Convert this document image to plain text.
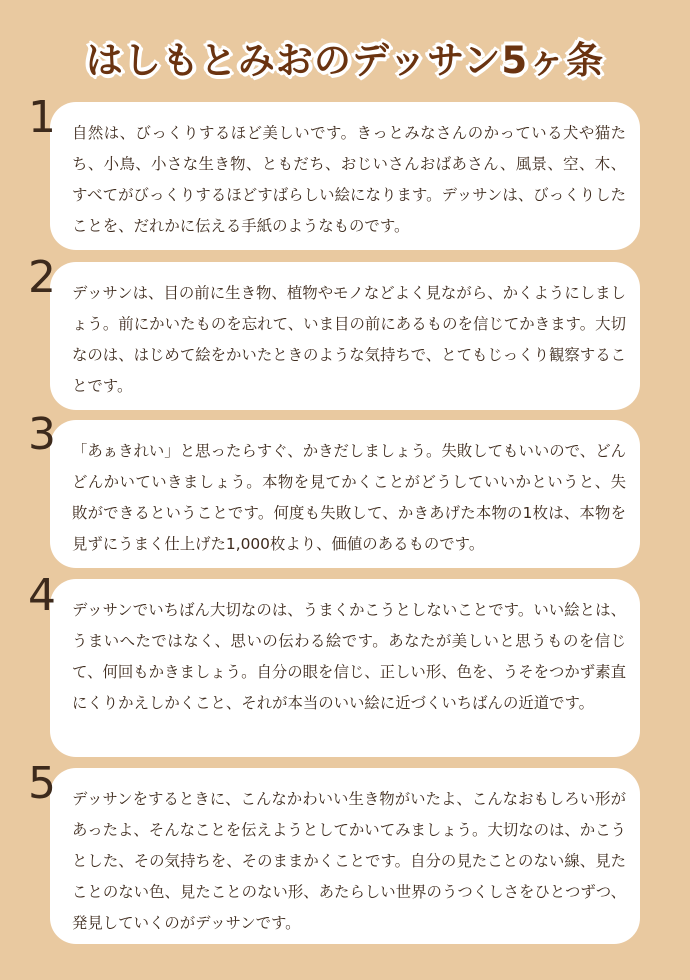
はしもとみおのデッサン5ヶ条
1 自然は、びっくりするほど美しいです。きっとみなさんのかっている犬や猫たち、小鳥、小さな生き物、ともだち、おじいさんおばあさん、風景、空、木、すべてがびっくりするほどすばらしい絵になります。デッサンは、びっくりしたことを、だれかに伝える手紙のようなものです。

2 デッサンは、目の前に生き物、植物やモノなどよく見ながら、かくようにしましょう。前にかいたものを忘れて、いま目の前にあるものを信じてかきます。大切なのは、はじめて絵をかいたときのような気持ちで、とてもじっくり観察することです。

3 「あぁきれい」と思ったらすぐ、かきだしましょう。失敗してもいいので、どんどんかいていきましょう。本物を見てかくことがどうしていいかというと、失敗ができるということです。何度も失敗して、かきあげた本物の1枚は、本物を見ずにうまく仕上げた1,000枚より、価値のあるものです。

4 デッサンでいちばん大切なのは、うまくかこうとしないことです。いい絵とは、うまいへたではなく、思いの伝わる絵です。あなたが美しいと思うものを信じて、何回もかきましょう。自分の眼を信じ、正しい形、色を、うそをつかず素直にくりかえしかくこと、それが本当のいい絵に近づくいちばんの近道です。

5 デッサンをするときに、こんなかわいい生き物がいたよ、こんなおもしろい形があったよ、そんなことを伝えようとしてかいてみましょう。大切なのは、かこうとした、その気持ちを、そのままかくことです。自分の見たことのない線、見たことのない色、見たことのない形、あたらしい世界のうつくしさをひとつずつ、発見していくのがデッサンです。
